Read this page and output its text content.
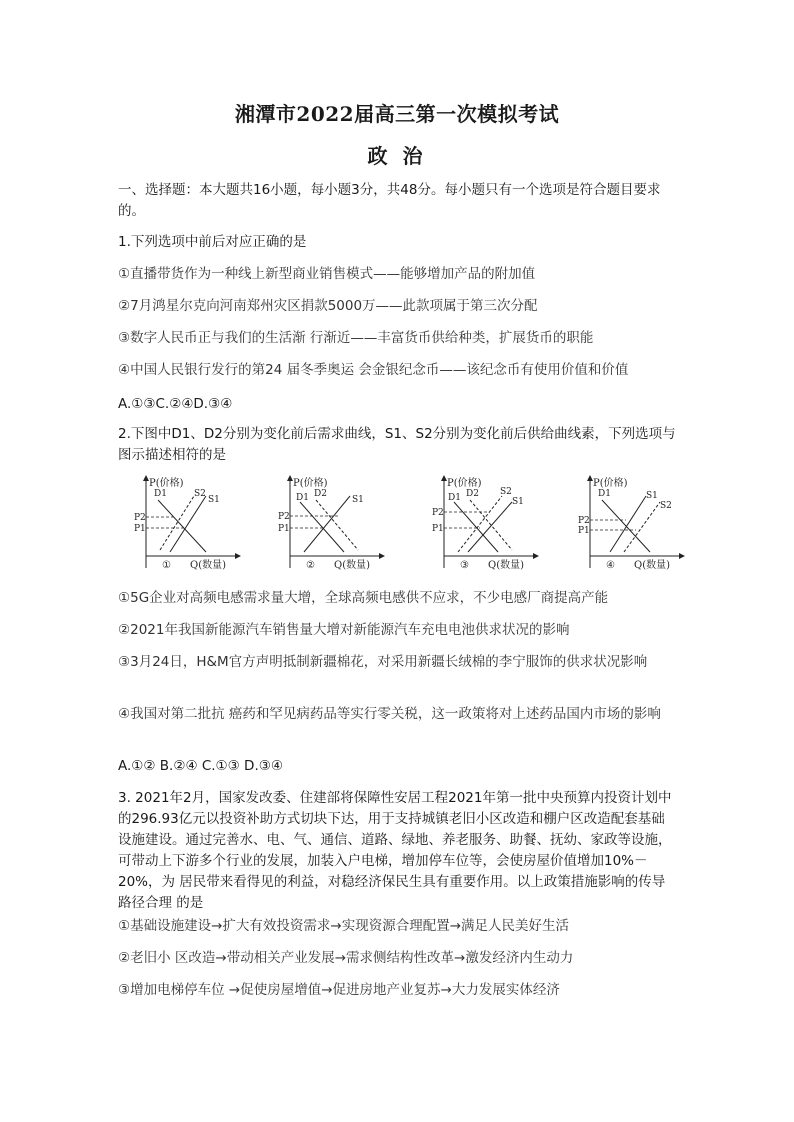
湘潭市2022届高三第一次模拟考试
政 治
一、选择题：本大题共16小题，每小题3分，共48分。每小题只有一个选项是符合题目要求的。
1.下列选项中前后对应正确的是
①直播带货作为一种线上新型商业销售模式——能够增加产品的附加值
②7月鸿星尔克向河南郑州灾区捐款5000万——此款项属于第三次分配
③数字人民币正与我们的生活渐 行渐近——丰富货币供给种类，扩展货币的职能
④中国人民银行发行的第24 届冬季奥运 会金银纪念币——该纪念币有使用价值和价值
A.①③C.②④D.③④
2.下图中D1、D2分别为变化前后需求曲线，S1、S2分别为变化前后供给曲线素，下列选项与图示描述相符的是
P(价格)
D1	S2
S1
P2
P1
① Q(数量)
P(价格)
D1 D2
S1
P2
P1
② Q(数量)
P(价格)
D1 D2 S2
S1
P2
P1
③ Q(数量)
P(价格)
D1	S1
S2
P2
P1
④ Q(数量)
①5G企业对高频电感需求量大增，全球高频电感供不应求，不少电感厂商提高产能
②2021年我国新能源汽车销售量大增对新能源汽车充电电池供求状况的影响
③3月24日，H&M官方声明抵制新疆棉花，对采用新疆长绒棉的李宁服饰的供求状况影响
④我国对第二批抗 癌药和罕见病药品等实行零关税，这一政策将对上述药品国内市场的影响
A.①② B.②④ C.①③ D.③④
3. 2021年2月，国家发改委、住建部将保障性安居工程2021年第一批中央预算内投资计划中的296.93亿元以投资补助方式切块下达，用于支持城镇老旧小区改造和棚户区改造配套基础设施建设。通过完善水、电、气、通信、道路、绿地、养老服务、助餐、抚幼、家政等设施，可带动上下游多个行业的发展，加装入户电梯，增加停车位等，会使房屋价值增加10%－20%，为 居民带来看得见的利益，对稳经济保民生具有重要作用。以上政策措施影响的传导路径合理 的是
①基础设施建设→扩大有效投资需求→实现资源合理配置→满足人民美好生活
②老旧小 区改造→带动相关产业发展→需求侧结构性改革→激发经济内生动力
③增加电梯停车位 →促使房屋增值→促进房地产业复苏→大力发展实体经济
